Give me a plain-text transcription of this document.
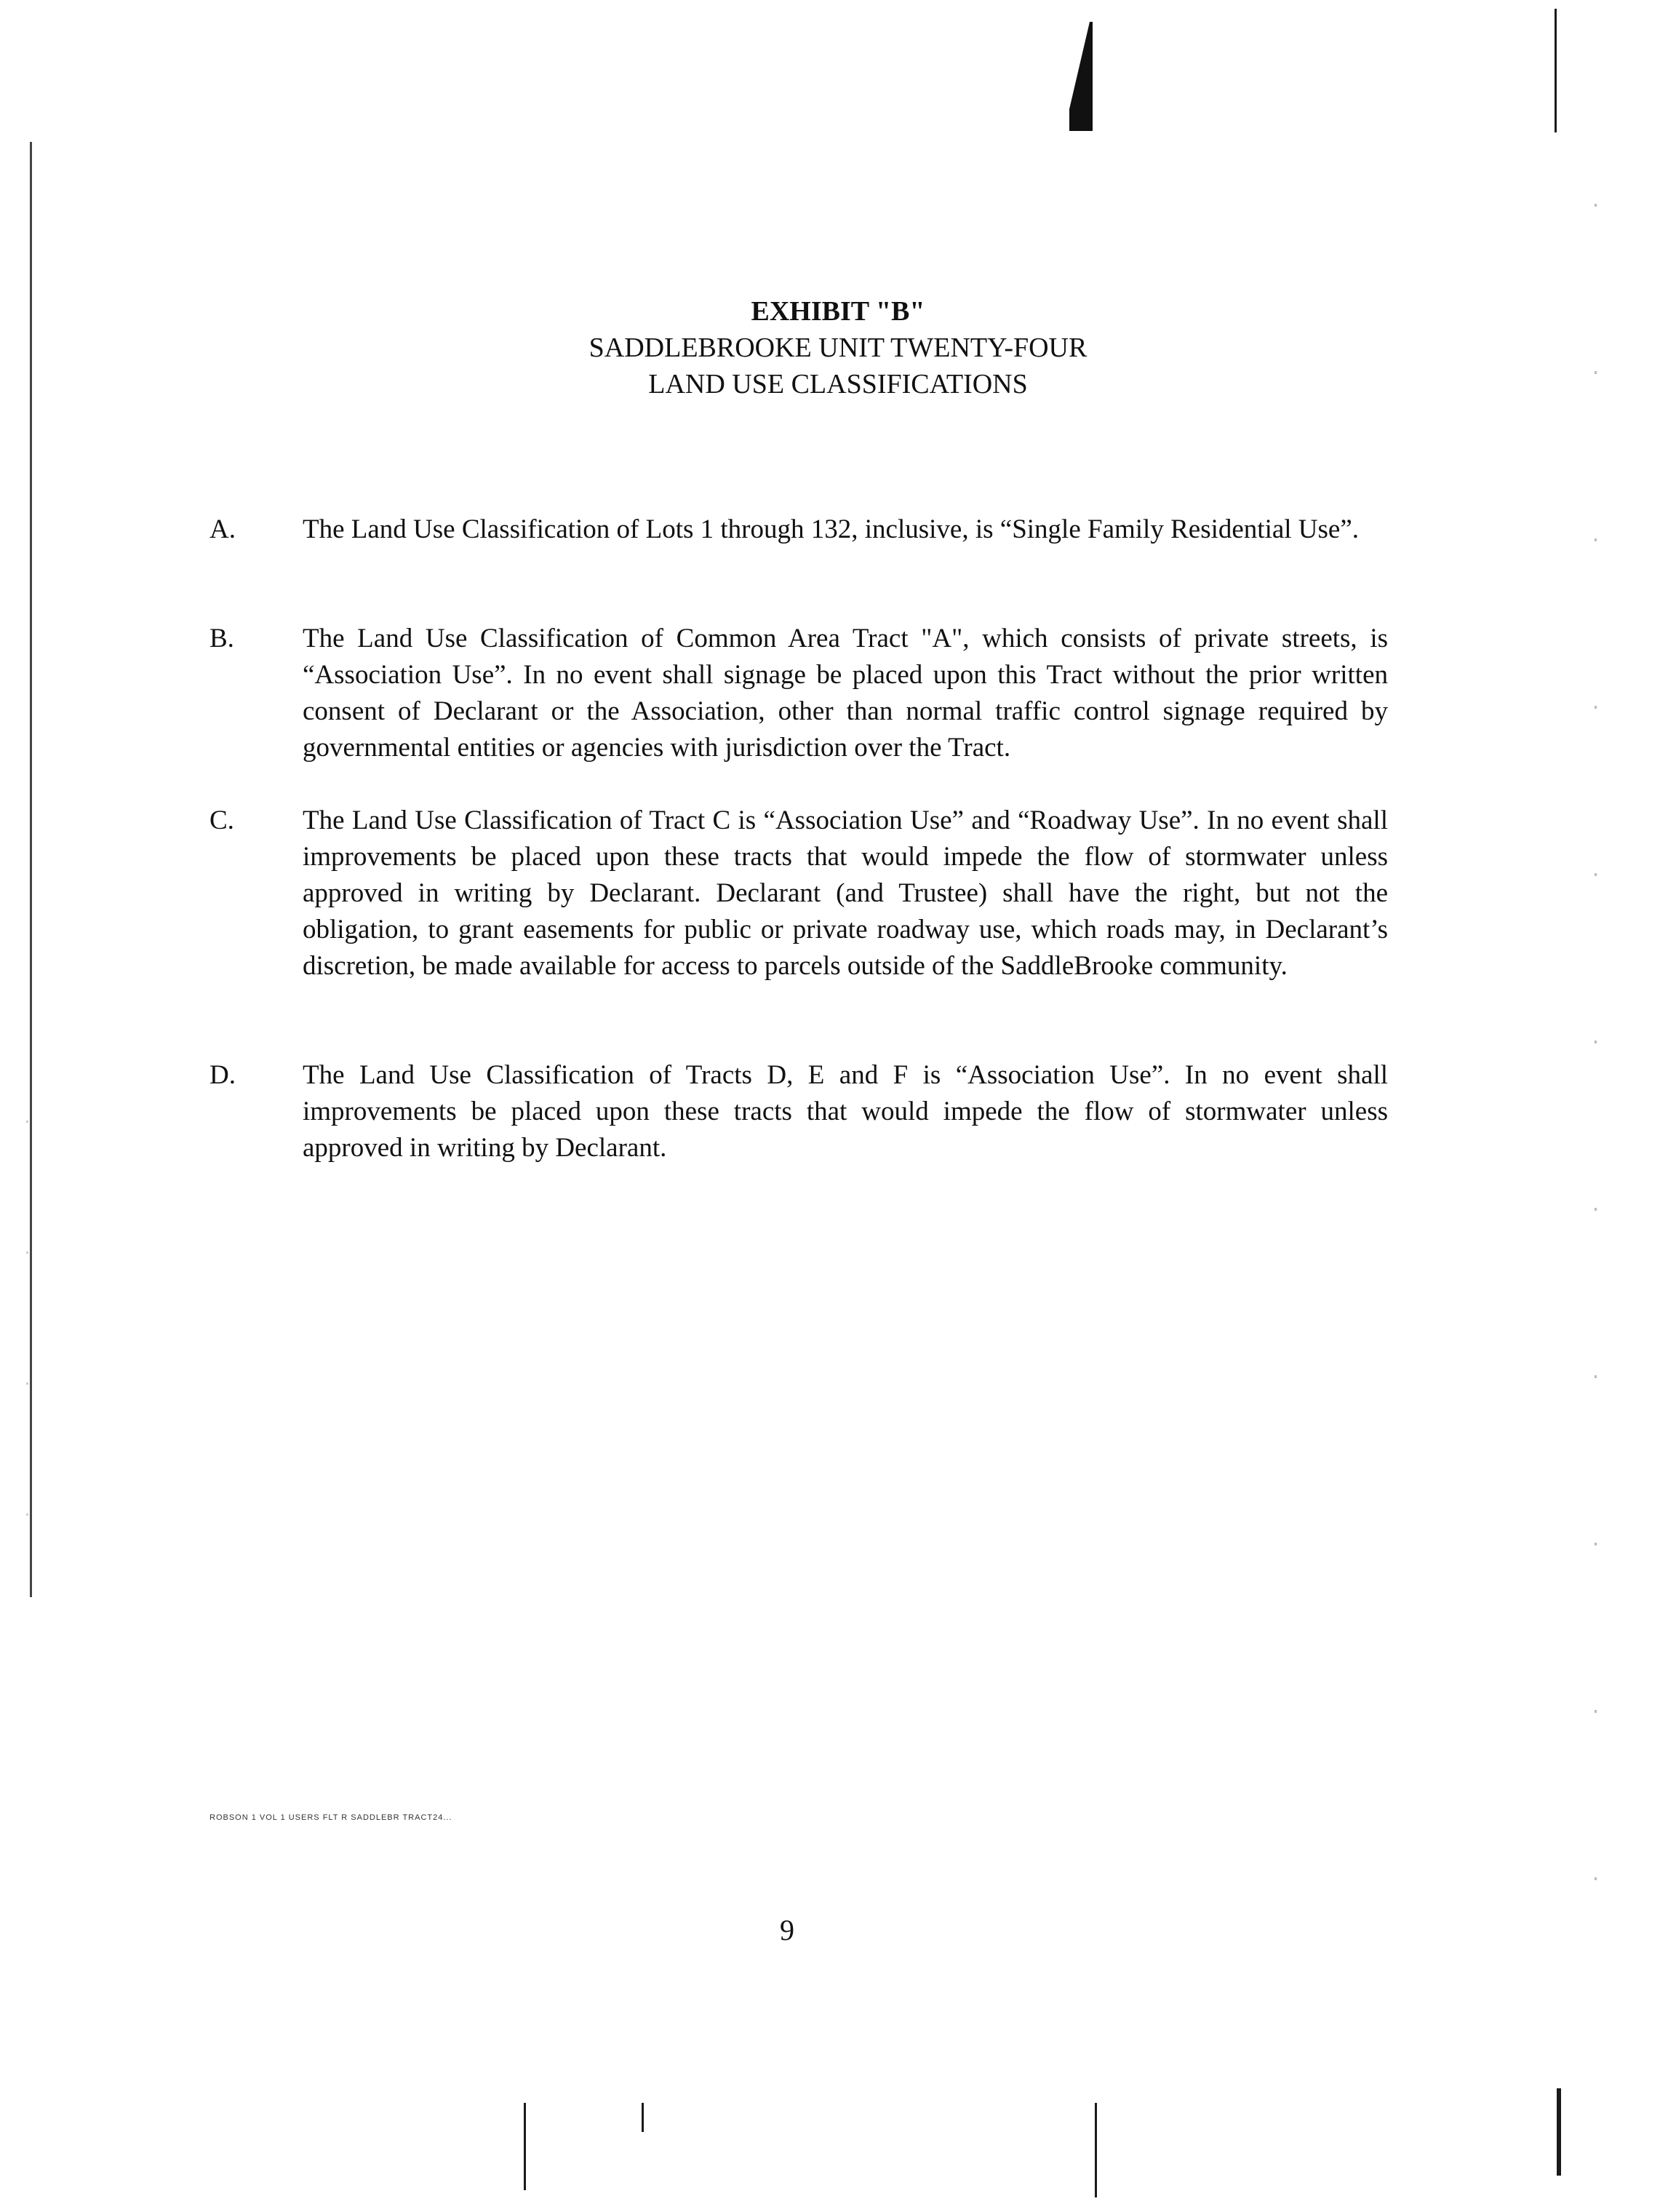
EXHIBIT "B"
SADDLEBROOKE UNIT TWENTY-FOUR
LAND USE CLASSIFICATIONS
A. The Land Use Classification of Lots 1 through 132, inclusive, is “Single Family Residential Use”.
B.	The Land Use Classification of Common Area Tract "A", which consists of private streets, is “Association Use”. In no event shall signage be placed upon this Tract without the prior written consent of Declarant or the Association, other than normal traffic control signage required by governmental entities or agencies with jurisdiction over the Tract.
C.	The Land Use Classification of Tract C is “Association Use” and “Roadway Use”. In no event shall improvements be placed upon these tracts that would impede the flow of stormwater unless approved in writing by Declarant. Declarant (and Trustee) shall have the right, but not the obligation, to grant easements for public or private roadway use, which roads may, in Declarant’s discretion, be made available for access to parcels outside of the SaddleBrooke community.
D. The Land Use Classification of Tracts D, E and F is “Association Use”. In no event shall improvements be placed upon these tracts that would impede the flow of stormwater unless approved in writing by Declarant.
ROBSON 1 VOL 1 USERS FLT R SADDLEBR TRACT24...
9
